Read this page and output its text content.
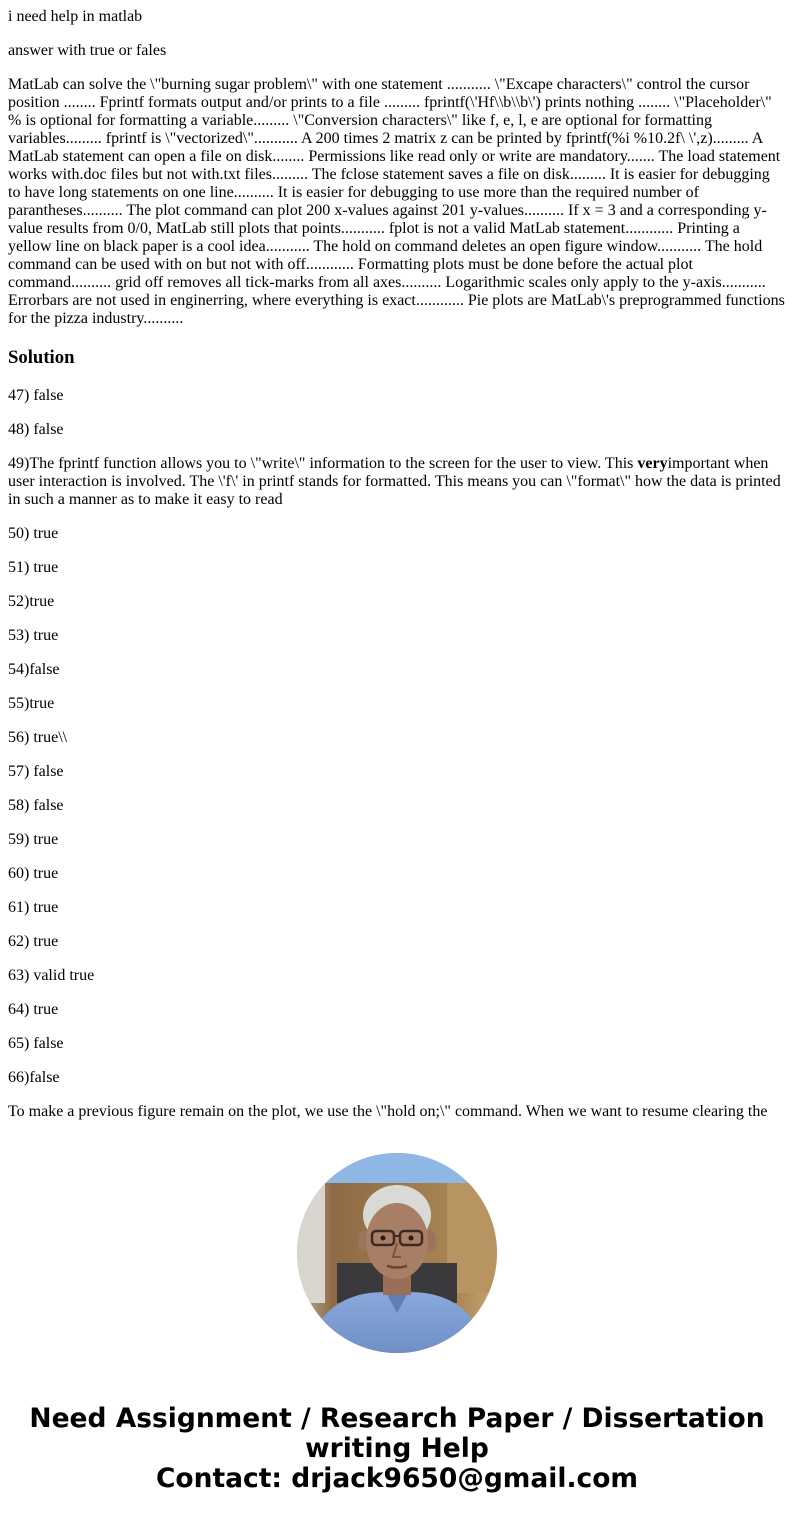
i need help in matlab

answer with true or fales

MatLab can solve the \"burning sugar problem\" with one statement ........... \"Excape characters\" control the cursor position ........ Fprintf formats output and/or prints to a file ......... fprintf(\'Hf\\b\\b\') prints nothing ........ \"Placeholder\" % is optional for formatting a variable......... \"Conversion characters\" like f, e, l, e are optional for formatting variables......... fprintf is \"vectorized\"........... A 200 times 2 matrix z can be printed by fprintf(%i %10.2f\ \',z)......... A MatLab statement can open a file on disk........ Permissions like read only or write are mandatory....... The load statement works with.doc files but not with.txt files......... The fclose statement saves a file on disk......... It is easier for debugging to have long statements on one line.......... It is easier for debugging to use more than the required number of parantheses.......... The plot command can plot 200 x-values against 201 y-values.......... If x = 3 and a corresponding y-value results from 0/0, MatLab still plots that points........... fplot is not a valid MatLab statement............ Printing a yellow line on black paper is a cool idea........... The hold on command deletes an open figure window........... The hold command can be used with on but not with off............ Formatting plots must be done before the actual plot command.......... grid off removes all tick-marks from all axes.......... Logarithmic scales only apply to the y-axis........... Errorbars are not used in enginerring, where everything is exact............ Pie plots are MatLab\'s preprogrammed functions for the pizza industry..........

Solution

47) false

48) false

49)The fprintf function allows you to \"write\" information to the screen for the user to view. This veryimportant when user interaction is involved. The \'f\' in printf stands for formatted. This means you can \"format\" how the data is printed in such a manner as to make it easy to read

50) true

51) true

52)true

53) true

54)false

55)true

56) true\\

57) false

58) false

59) true

60) true

61) true

62) true

63) valid true

64) true

65) false

66)false

To make a previous figure remain on the plot, we use the \"hold on;\" command. When we want to resume clearing the

Need Assignment / Research Paper / Dissertation
writing Help
Contact: drjack9650@gmail.com
